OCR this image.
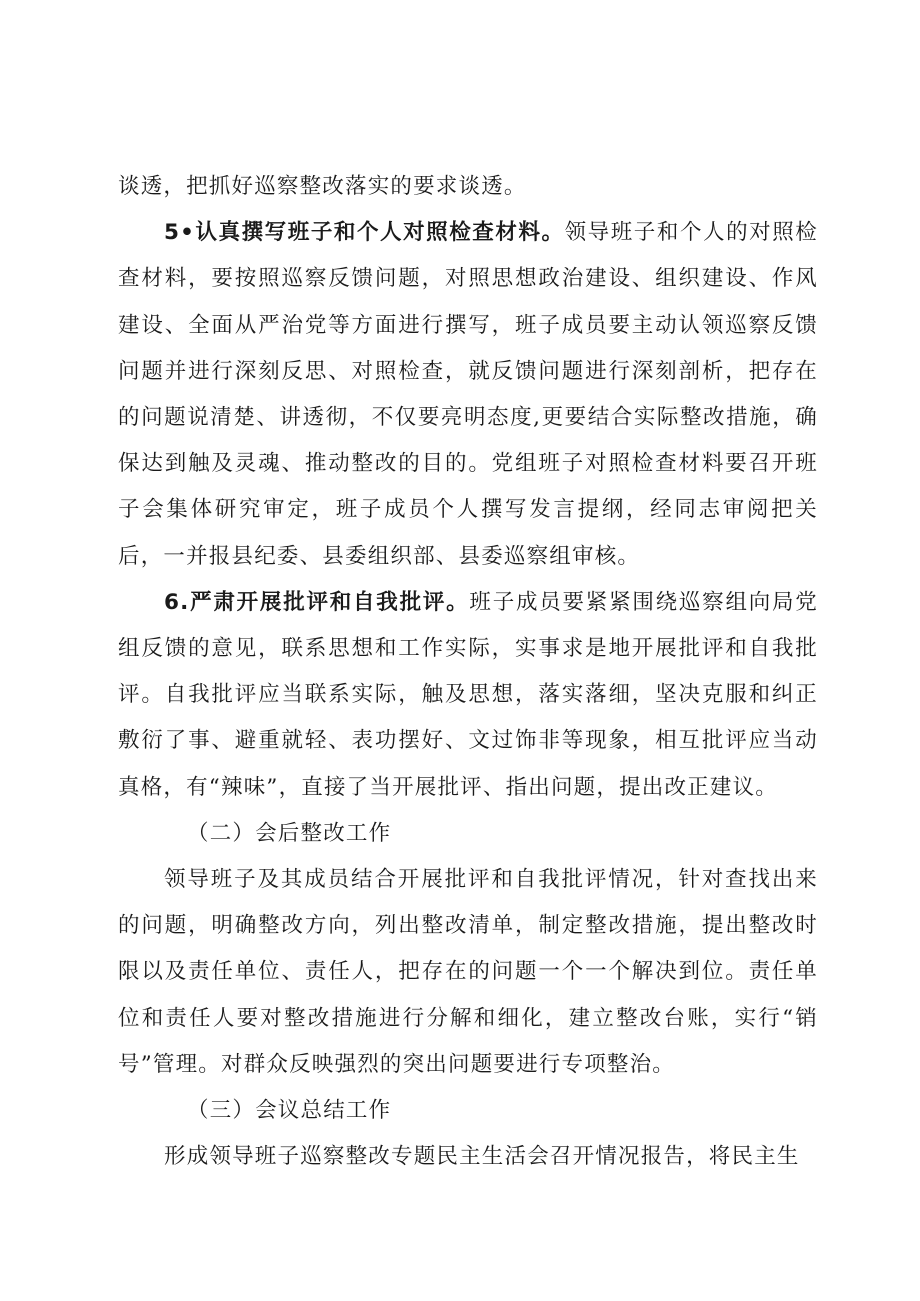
谈透，把抓好巡察整改落实的要求谈透。

5•认真撰写班子和个人对照检查材料。领导班子和个人的对照检查材料，要按照巡察反馈问题，对照思想政治建设、组织建设、作风建设、全面从严治党等方面进行撰写，班子成员要主动认领巡察反馈问题并进行深刻反思、对照检查，就反馈问题进行深刻剖析，把存在的问题说清楚、讲透彻，不仅要亮明态度,更要结合实际整改措施，确保达到触及灵魂、推动整改的目的。党组班子对照检查材料要召开班子会集体研究审定，班子成员个人撰写发言提纲，经同志审阅把关后，一并报县纪委、县委组织部、县委巡察组审核。

6.严肃开展批评和自我批评。班子成员要紧紧围绕巡察组向局党组反馈的意见，联系思想和工作实际，实事求是地开展批评和自我批评。自我批评应当联系实际，触及思想，落实落细，坚决克服和纠正敷衍了事、避重就轻、表功摆好、文过饰非等现象，相互批评应当动真格，有“辣味”，直接了当开展批评、指出问题，提出改正建议。

（二）会后整改工作

领导班子及其成员结合开展批评和自我批评情况，针对查找出来的问题，明确整改方向，列出整改清单，制定整改措施，提出整改时限以及责任单位、责任人，把存在的问题一个一个解决到位。责任单位和责任人要对整改措施进行分解和细化，建立整改台账，实行“销号”管理。对群众反映强烈的突出问题要进行专项整治。

（三）会议总结工作

形成领导班子巡察整改专题民主生活会召开情况报告，将民主生
